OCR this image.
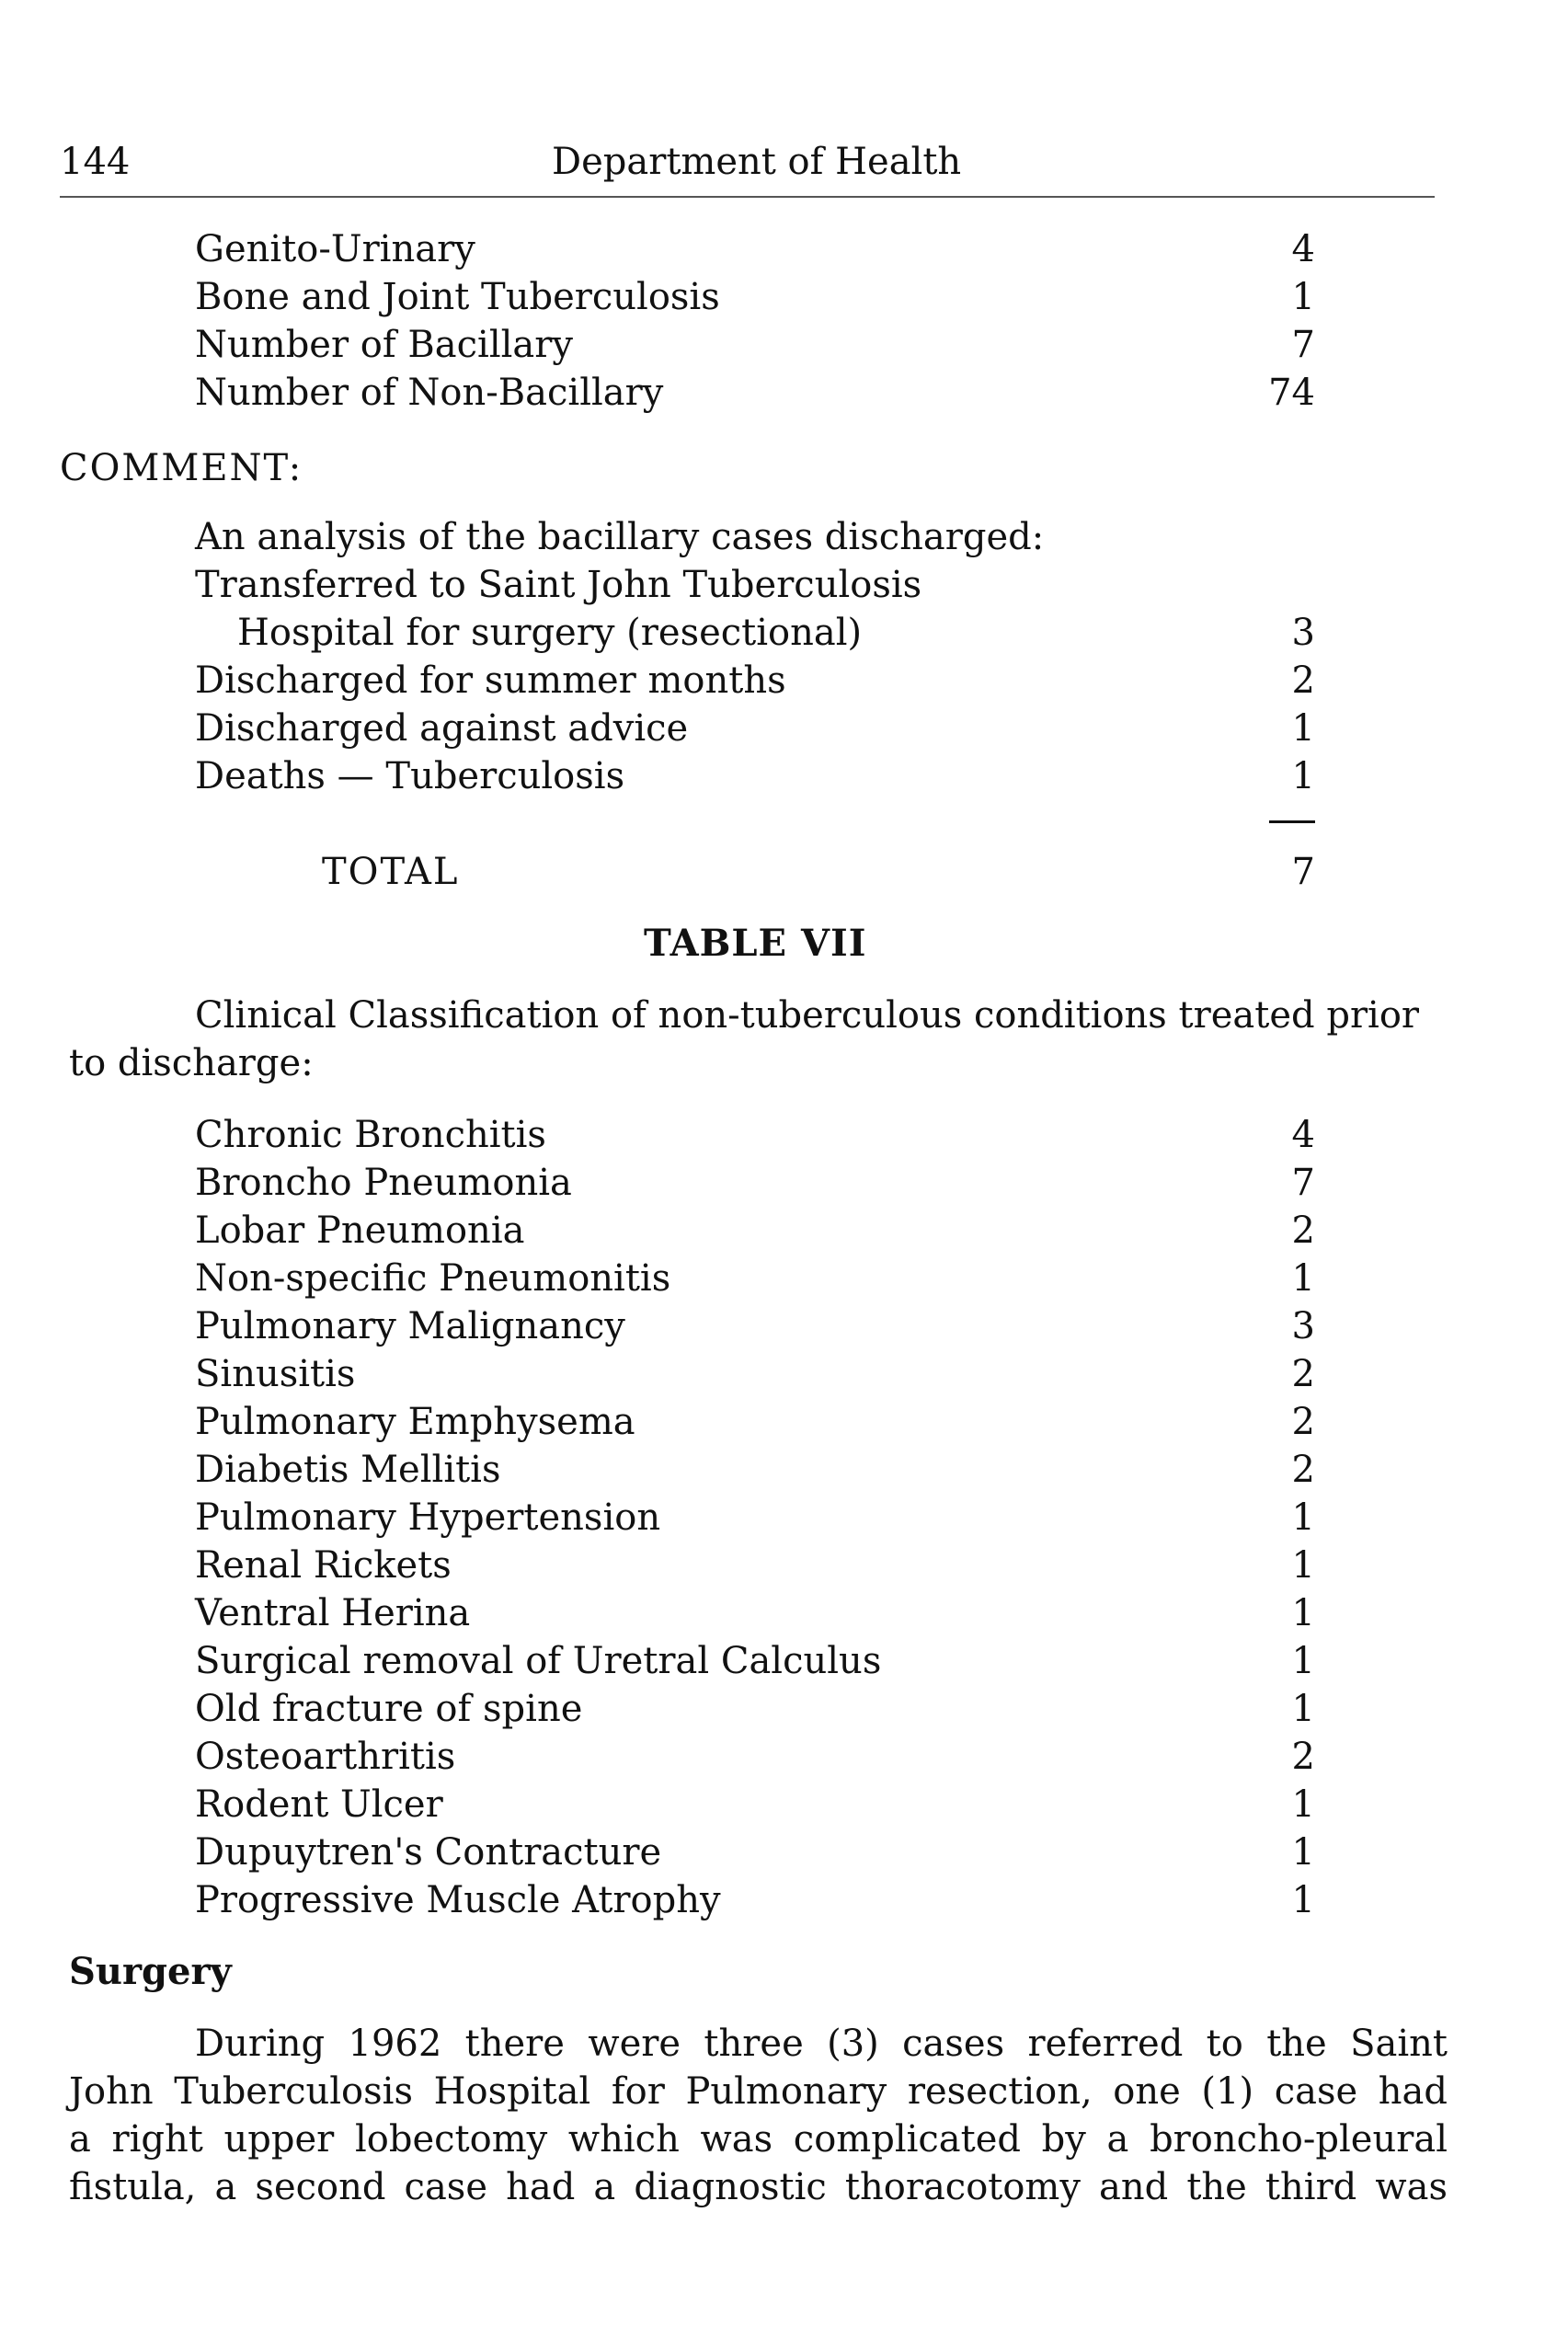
144	Department of Health
Genito-Urinary	4
Bone and Joint Tuberculosis	1
Number of Bacillary	7
Number of Non-Bacillary	74
COMMENT:
An analysis of the bacillary cases discharged:
Transferred to Saint John Tuberculosis
Hospital for surgery (resectional)	3
Discharged for summer months	2
Discharged against advice	1
Deaths — Tuberculosis	1
TOTAL	7
TABLE VII
Clinical Classification of non-tuberculous conditions treated prior
to discharge:
Chronic Bronchitis	4
Broncho Pneumonia	7
Lobar Pneumonia	2
Non-specific Pneumonitis	1
Pulmonary Malignancy	3
Sinusitis	2
Pulmonary Emphysema	2
Diabetis Mellitis	2
Pulmonary Hypertension	1
Renal Rickets	1
Ventral Herina	1
Surgical removal of Uretral Calculus	1
Old fracture of spine	1
Osteoarthritis	2
Rodent Ulcer	1
Dupuytren's Contracture	1
Progressive Muscle Atrophy	1
Surgery
During 1962 there were three (3) cases referred to the Saint
John Tuberculosis Hospital for Pulmonary resection, one (1) case had
a right upper lobectomy which was complicated by a broncho-pleural
fistula, a second case had a diagnostic thoracotomy and the third was
